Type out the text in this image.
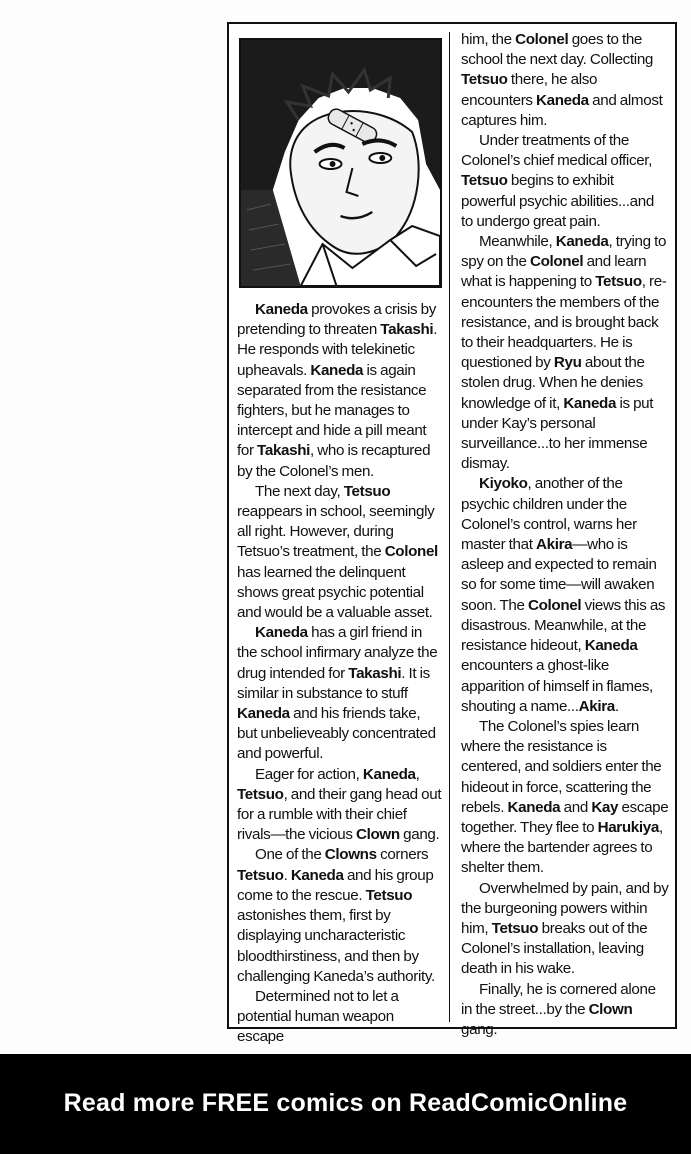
Kaneda provokes a crisis by pretending to threaten Takashi. He responds with telekinetic upheavals. Kaneda is again separated from the resistance fighters, but he manages to intercept and hide a pill meant for Takashi, who is recaptured by the Colonel’s men.

The next day, Tetsuo reappears in school, seemingly all right. However, during Tetsuo’s treatment, the Colonel has learned the delinquent shows great psychic potential and would be a valuable asset.

Kaneda has a girl friend in the school infirmary analyze the drug intended for Takashi. It is similar in substance to stuff Kaneda and his friends take, but unbelieveably concentrated and powerful.

Eager for action, Kaneda, Tetsuo, and their gang head out for a rumble with their chief rivals—the vicious Clown gang.

One of the Clowns corners Tetsuo. Kaneda and his group come to the rescue. Tetsuo astonishes them, first by displaying uncharacteristic bloodthirstiness, and then by challenging Kaneda’s authority.

Determined not to let a potential human weapon escape

him, the Colonel goes to the school the next day. Collecting Tetsuo there, he also encounters Kaneda and almost captures him.

Under treatments of the Colonel’s chief medical officer, Tetsuo begins to exhibit powerful psychic abilities...and to undergo great pain.

Meanwhile, Kaneda, trying to spy on the Colonel and learn what is happening to Tetsuo, re-encounters the members of the resistance, and is brought back to their headquarters. He is questioned by Ryu about the stolen drug. When he denies knowledge of it, Kaneda is put under Kay’s personal surveillance...to her immense dismay.

Kiyoko, another of the psychic children under the Colonel’s control, warns her master that Akira—who is asleep and expected to remain so for some time—will awaken soon. The Colonel views this as disastrous. Meanwhile, at the resistance hideout, Kaneda encounters a ghost-like apparition of himself in flames, shouting a name...Akira.

The Colonel’s spies learn where the resistance is centered, and soldiers enter the hideout in force, scattering the rebels. Kaneda and Kay escape together. They flee to Harukiya, where the bartender agrees to shelter them.

Overwhelmed by pain, and by the burgeoning powers within him, Tetsuo breaks out of the Colonel’s installation, leaving death in his wake.

Finally, he is cornered alone in the street...by the Clown gang.

Read more FREE comics on ReadComicOnline
